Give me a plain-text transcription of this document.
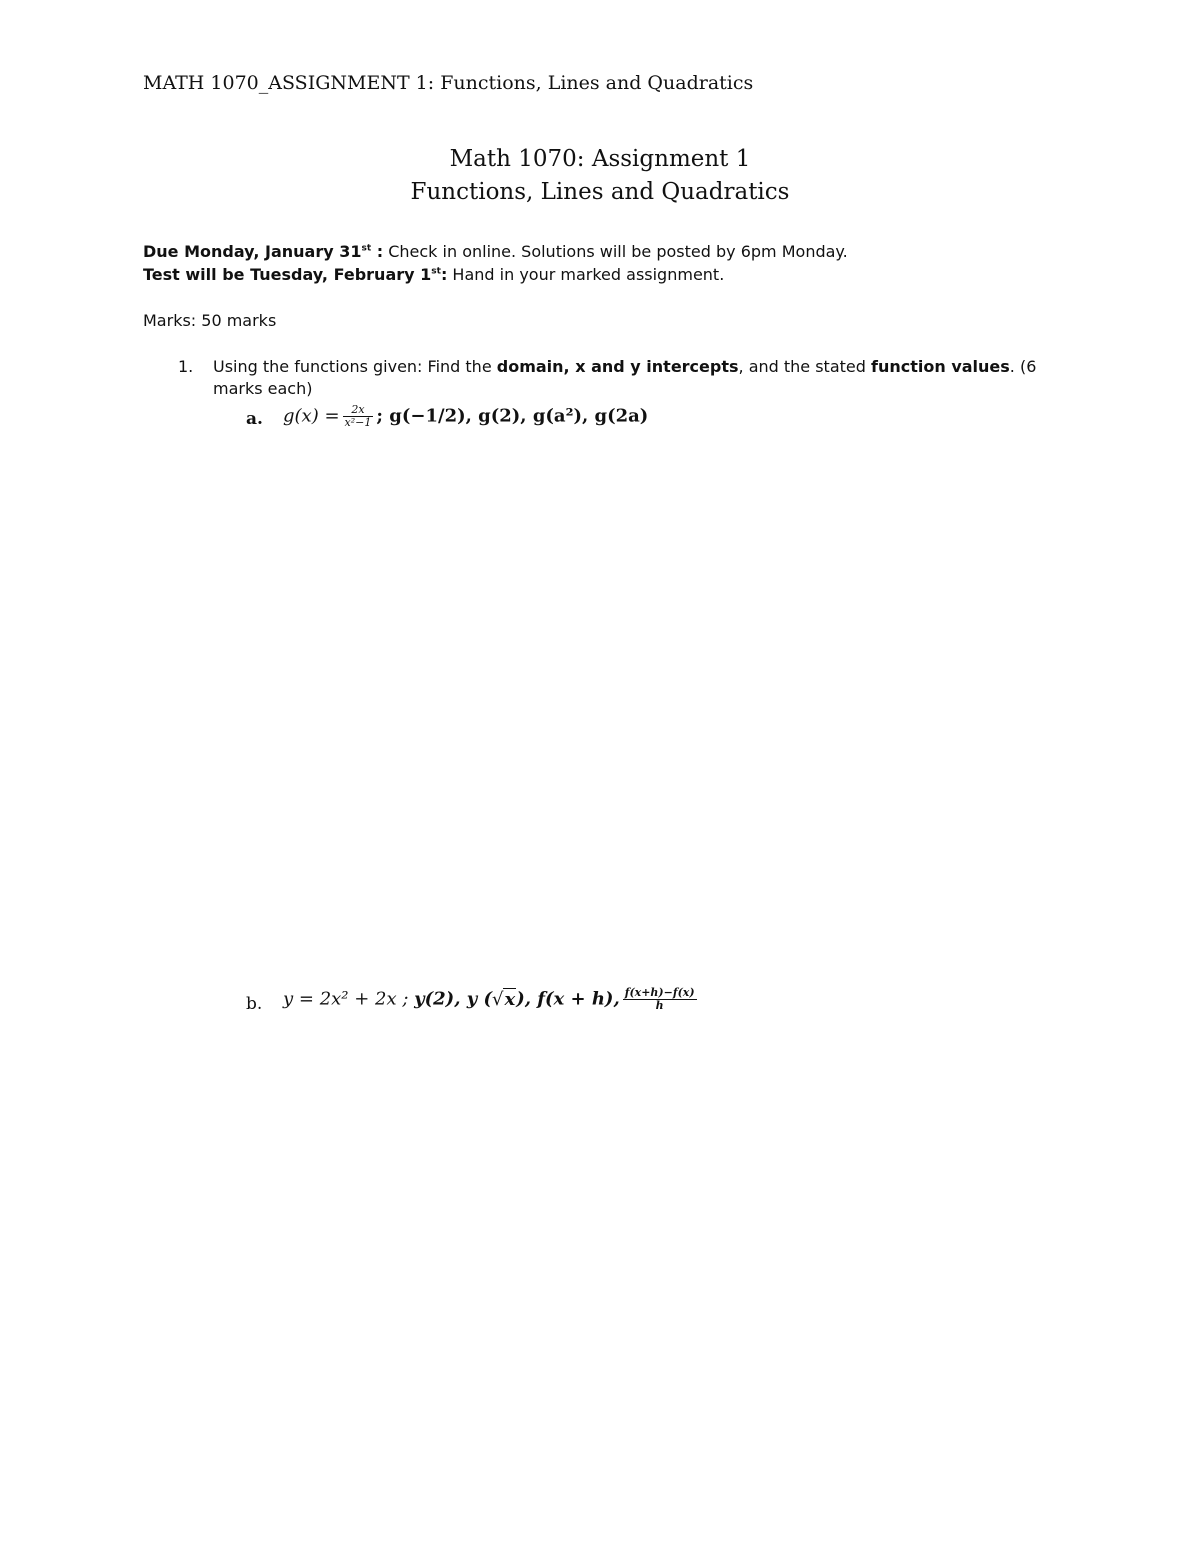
MATH 1070_ASSIGNMENT 1: Functions, Lines and Quadratics
Math 1070: Assignment 1
Functions, Lines and Quadratics
Due Monday, January 31st : Check in online. Solutions will be posted by 6pm Monday.
Test will be Tuesday, February 1st: Hand in your marked assignment.
Marks: 50 marks
1. Using the functions given: Find the domain, x and y intercepts, and the stated function values. (6 marks each)
a. $g(x) = \frac{2x}{\text{x²−1}}$ ; g(−1/2), g(2), g(a²), g(2a)
b. y = 2x² + 2x ; y(2), y (√x), f(x + h), $\frac{f(x+h)-f(x)}{h}$
